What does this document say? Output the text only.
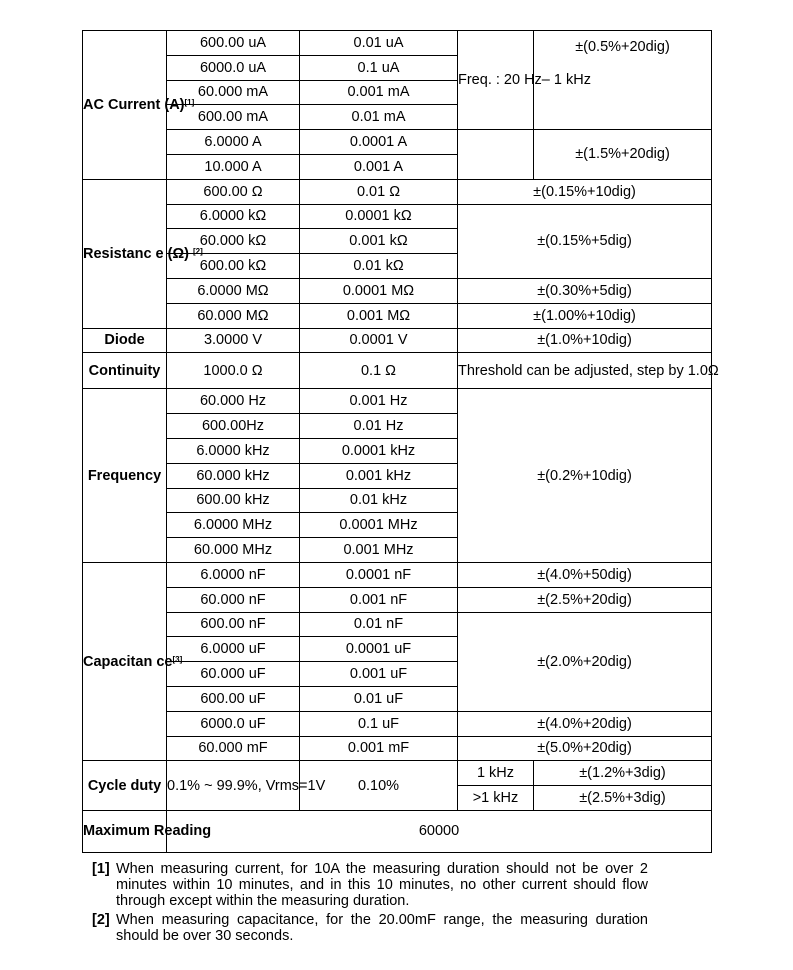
AC Current (A)[1]	600.00 uA	0.01 uA	Freq. : 20 Hz– 1 kHz	±(0.5%+20dig)
	6000.0 uA	0.1 uA		
	60.000 mA	0.001 mA		
	600.00 mA	0.01 mA		
	6.0000 A	0.0001 A		±(1.5%+20dig)
	10.000 A	0.001 A		
Resistanc e (Ω) [2]	600.00 Ω	0.01 Ω	±(0.15%+10dig)	
	6.0000 kΩ	0.0001 kΩ	±(0.15%+5dig)	
	60.000 kΩ	0.001 kΩ		
	600.00 kΩ	0.01 kΩ		
	6.0000 MΩ	0.0001 MΩ	±(0.30%+5dig)	
	60.000 MΩ	0.001 MΩ	±(1.00%+10dig)	
Diode	3.0000 V	0.0001 V	±(1.0%+10dig)	
Continuity	1000.0 Ω	0.1 Ω	Threshold can be adjusted, step by 1.0Ω	
Frequency	60.000 Hz	0.001 Hz	±(0.2%+10dig)	
	600.00Hz	0.01 Hz		
	6.0000 kHz	0.0001 kHz		
	60.000 kHz	0.001 kHz		
	600.00 kHz	0.01 kHz		
	6.0000 MHz	0.0001 MHz		
	60.000 MHz	0.001 MHz		
Capacitan ce[3]	6.0000 nF	0.0001 nF	±(4.0%+50dig)	
	60.000 nF	0.001 nF	±(2.5%+20dig)	
	600.00 nF	0.01 nF	±(2.0%+20dig)	
	6.0000 uF	0.0001 uF		
	60.000 uF	0.001 uF		
	600.00 uF	0.01 uF		
	6000.0 uF	0.1 uF	±(4.0%+20dig)	
	60.000 mF	0.001 mF	±(5.0%+20dig)	
Cycle duty	0.1% ~ 99.9%, Vrms=1V	0.10%	1 kHz	±(1.2%+3dig)
			>1 kHz	±(2.5%+3dig)
Maximum Reading	60000			
[1] When measuring current, for 10A the measuring duration should not be over 2 minutes within 10 minutes, and in this 10 minutes, no other current should flow through except within the measuring duration.
[2] When measuring capacitance, for the 20.00mF range, the measuring duration should be over 30 seconds.
